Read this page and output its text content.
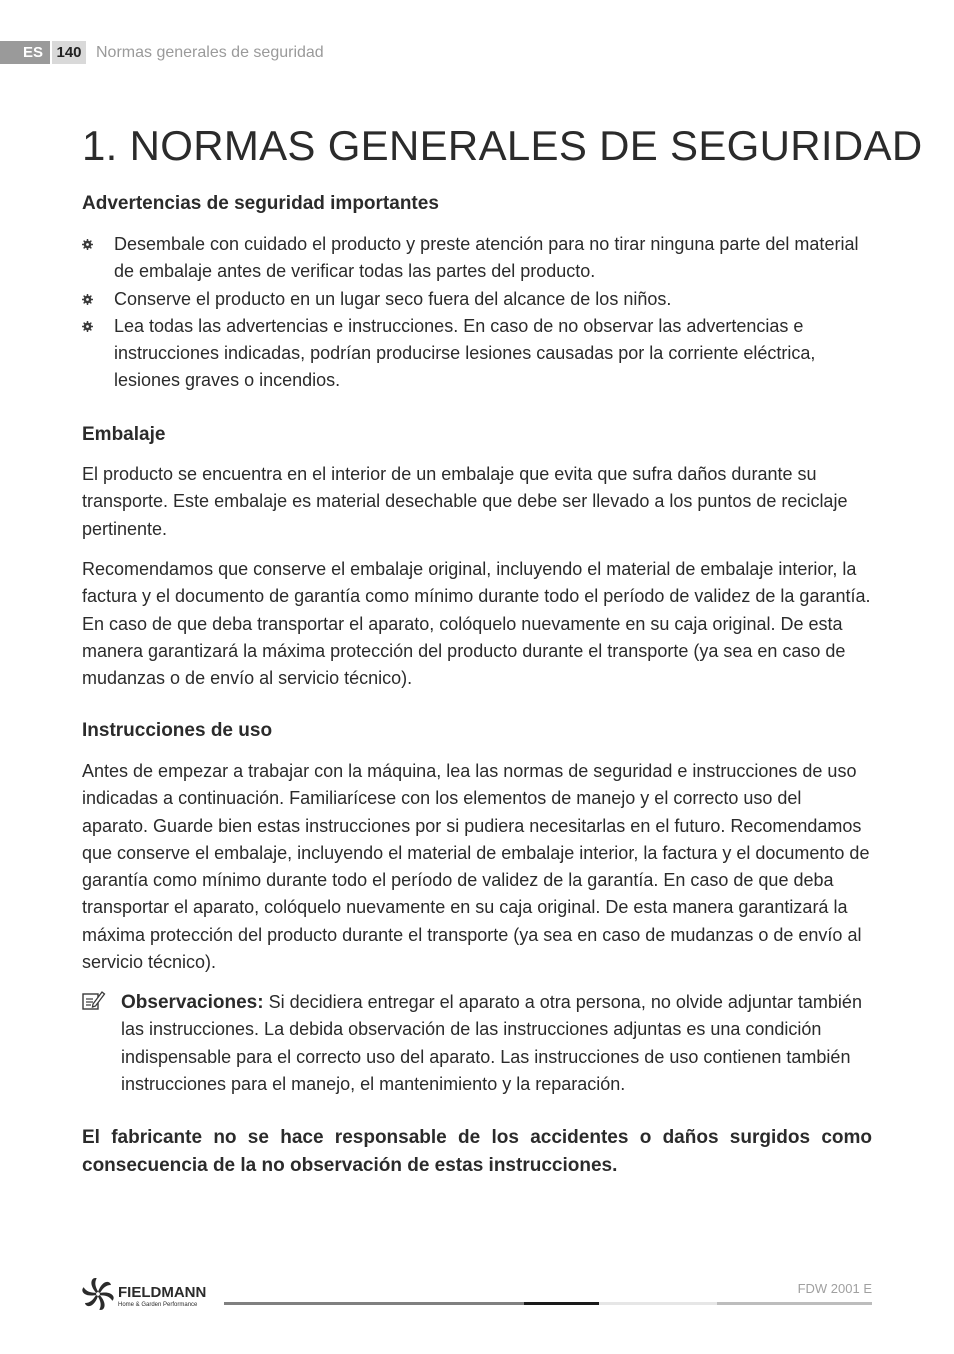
ES 140 Normas generales de seguridad
1. NORMAS GENERALES DE SEGURIDAD
Advertencias de seguridad importantes
Desembale con cuidado el producto y preste atención para no tirar ninguna parte del material de embalaje antes de verificar todas las partes del producto.
Conserve el producto en un lugar seco fuera del alcance de los niños.
Lea todas las advertencias e instrucciones. En caso de no observar las advertencias e instrucciones indicadas, podrían producirse lesiones causadas por la corriente eléctrica, lesiones graves o incendios.
Embalaje

El producto se encuentra en el interior de un embalaje que evita que sufra daños durante su transporte. Este embalaje es material desechable que debe ser llevado a los puntos de reciclaje pertinente.

Recomendamos que conserve el embalaje original, incluyendo el material de embalaje interior, la factura y el documento de garantía como mínimo durante todo el período de validez de la garantía. En caso de que deba transportar el aparato, colóquelo nuevamente en su caja original. De esta manera garantizará la máxima protección del producto durante el transporte (ya sea en caso de mudanzas o de envío al servicio técnico).

Instrucciones de uso

Antes de empezar a trabajar con la máquina, lea las normas de seguridad e instrucciones de uso indicadas a continuación. Familiarícese con los elementos de manejo y el correcto uso del aparato. Guarde bien estas instrucciones por si pudiera necesitarlas en el futuro. Recomendamos que conserve el embalaje, incluyendo el material de embalaje interior, la factura y el documento de garantía como mínimo durante todo el período de validez de la garantía. En caso de que deba transportar el aparato, colóquelo nuevamente en su caja original. De esta manera garantizará la máxima protección del producto durante el transporte (ya sea en caso de mudanzas o de envío al servicio técnico).

Observaciones: Si decidiera entregar el aparato a otra persona, no olvide adjuntar también las instrucciones. La debida observación de las instrucciones adjuntas es una condición indispensable para el correcto uso del aparato. Las instrucciones de uso contienen también instrucciones para el manejo, el mantenimiento y la reparación.

El fabricante no se hace responsable de los accidentes o daños surgidos como consecuencia de la no observación de estas instrucciones.

FIELDMANN
Home & Garden Performance
FDW 2001 E
